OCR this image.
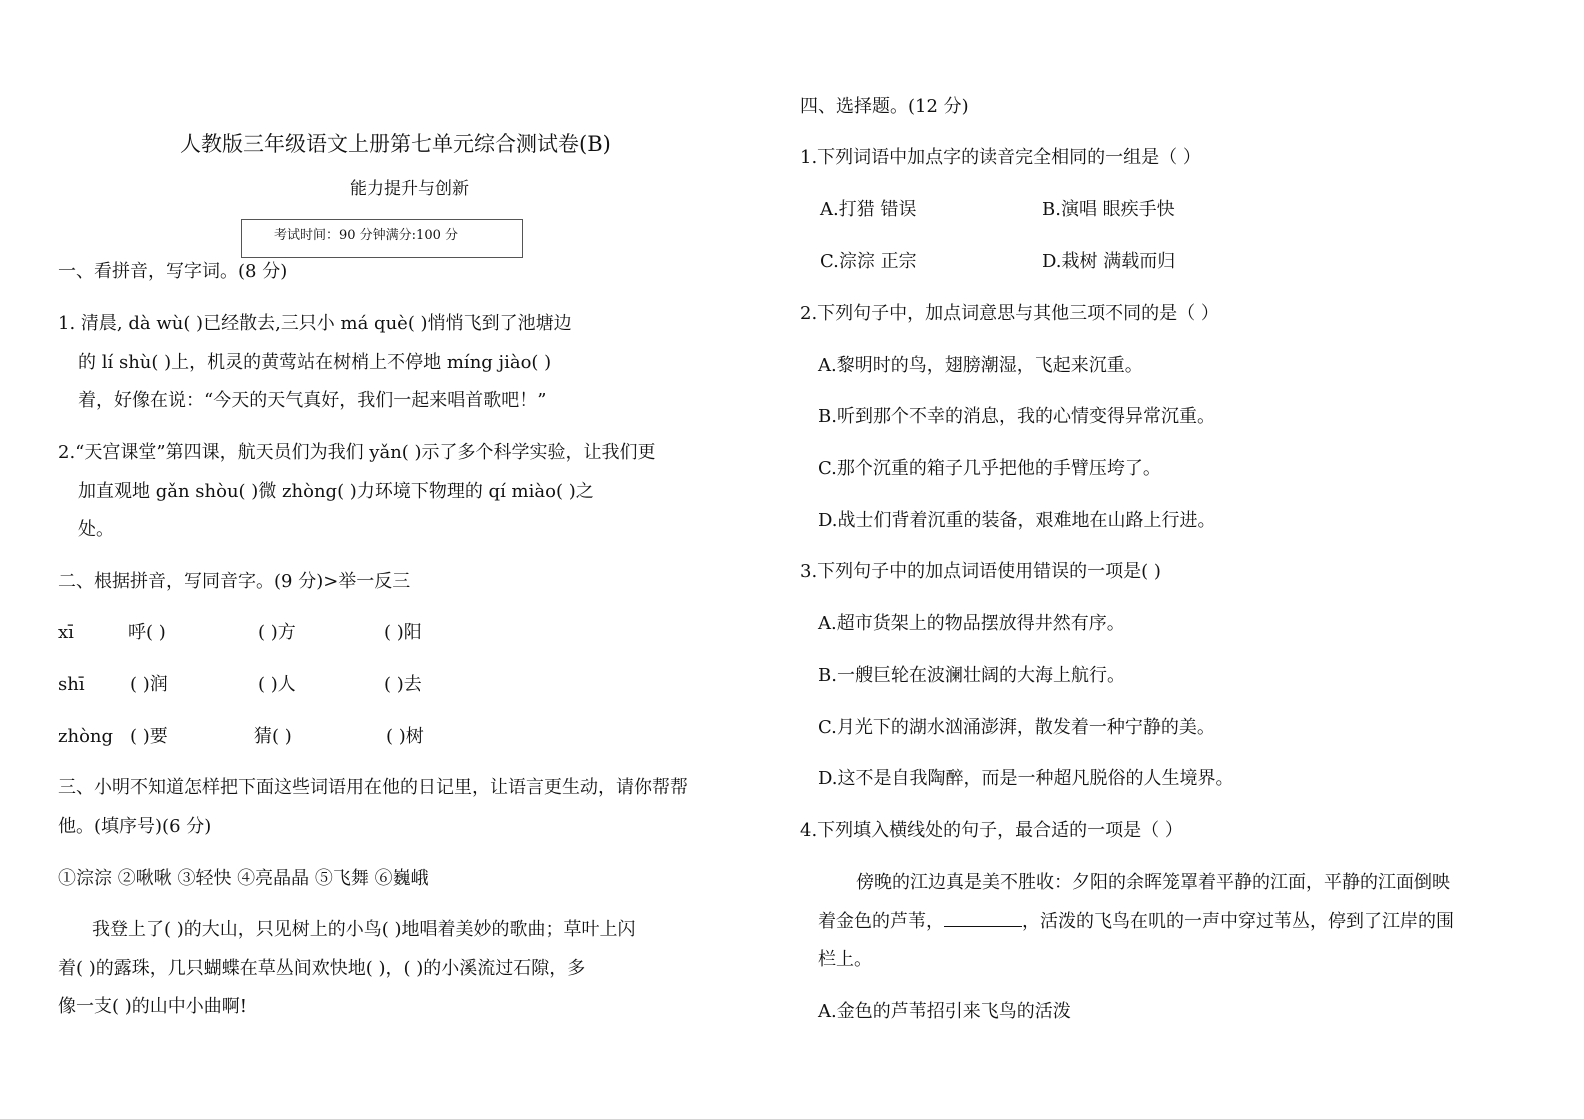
人教版三年级语文上册第七单元综合测试卷(B)
能力提升与创新
考试时间：90 分钟满分:100 分
一、看拼音，写字词。(8 分)
1. 清晨, dà wù( )已经散去,三只小 má què( )悄悄飞到了池塘边
的 lí shù( )上，机灵的黄莺站在树梢上不停地 míng jiào( )
着，好像在说：“今天的天气真好，我们一起来唱首歌吧！”
2.“天宫课堂”第四课，航天员们为我们 yǎn( )示了多个科学实验，让我们更
加直观地 gǎn shòu( )微 zhòng( )力环境下物理的 qí miào( )之
处。
二、根据拼音，写同音字。(9 分)>举一反三
xī	呼( )	( )方	( )阳
shī	( )润	( )人	( )去
zhòng ( )要	猜( )	( )树
三、小明不知道怎样把下面这些词语用在他的日记里，让语言更生动，请你帮帮
他。(填序号)(6 分)
①淙淙 ②啾啾 ③轻快 ④亮晶晶 ⑤飞舞 ⑥巍峨
我登上了( )的大山，只见树上的小鸟( )地唱着美妙的歌曲；草叶上闪
着( )的露珠，几只蝴蝶在草丛间欢快地( )，( )的小溪流过石隙，多
像一支( )的山中小曲啊!
四、选择题。(12 分)
1.下列词语中加点字的读音完全相同的一组是（ ）
A.打猎 错误	B.演唱 眼疾手快
C.淙淙 正宗	D.栽树 满载而归
2.下列句子中，加点词意思与其他三项不同的是（ ）
A.黎明时的鸟，翅膀潮湿，飞起来沉重。
B.听到那个不幸的消息，我的心情变得异常沉重。
C.那个沉重的箱子几乎把他的手臂压垮了。
D.战士们背着沉重的装备，艰难地在山路上行进。
3.下列句子中的加点词语使用错误的一项是( )
A.超市货架上的物品摆放得井然有序。
B.一艘巨轮在波澜壮阔的大海上航行。
C.月光下的湖水汹涌澎湃，散发着一种宁静的美。
D.这不是自我陶醉，而是一种超凡脱俗的人生境界。
4.下列填入横线处的句子，最合适的一项是（ ）
傍晚的江边真是美不胜收：夕阳的余晖笼罩着平静的江面，平静的江面倒映
着金色的芦苇，	，活泼的飞鸟在叽的一声中穿过苇丛，停到了江岸的围
栏上。
A.金色的芦苇招引来飞鸟的活泼
